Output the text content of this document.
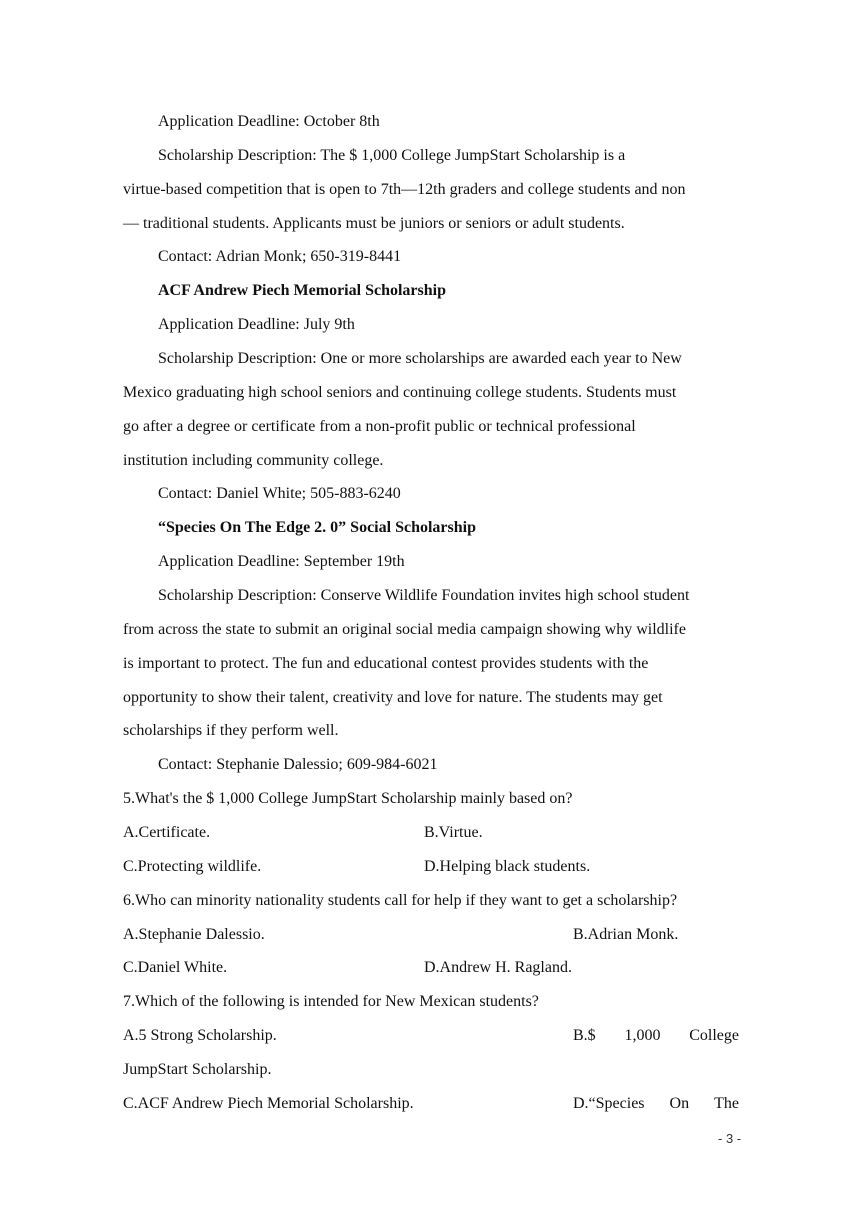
Application Deadline: October 8th
Scholarship Description: The $ 1,000 College JumpStart Scholarship is a
virtue-based competition that is open to 7th—12th graders and college students and non
— traditional students. Applicants must be juniors or seniors or adult students.
Contact: Adrian Monk; 650-319-8441
ACF Andrew Piech Memorial Scholarship
Application Deadline: July 9th
Scholarship Description: One or more scholarships are awarded each year to New
Mexico graduating high school seniors and continuing college students. Students must
go after a degree or certificate from a non-profit public or technical professional
institution including community college.
Contact: Daniel White; 505-883-6240
“Species On The Edge 2. 0” Social Scholarship
Application Deadline: September 19th
Scholarship Description: Conserve Wildlife Foundation invites high school student
from across the state to submit an original social media campaign showing why wildlife
is important to protect. The fun and educational contest provides students with the
opportunity to show their talent, creativity and love for nature. The students may get
scholarships if they perform well.
Contact: Stephanie Dalessio; 609-984-6021
5.What's the $ 1,000 College JumpStart Scholarship mainly based on?
A.Certificate.	B.Virtue.
C.Protecting wildlife.	D.Helping black students.
6.Who can minority nationality students call for help if they want to get a scholarship?
A.Stephanie Dalessio.	B.Adrian Monk.
C.Daniel White.	D.Andrew H. Ragland.
7.Which of the following is intended for New Mexican students?
A.5 Strong Scholarship.	B.$ 1,000 College
JumpStart Scholarship.
C.ACF Andrew Piech Memorial Scholarship.	D.“Species On The
- 3 -
